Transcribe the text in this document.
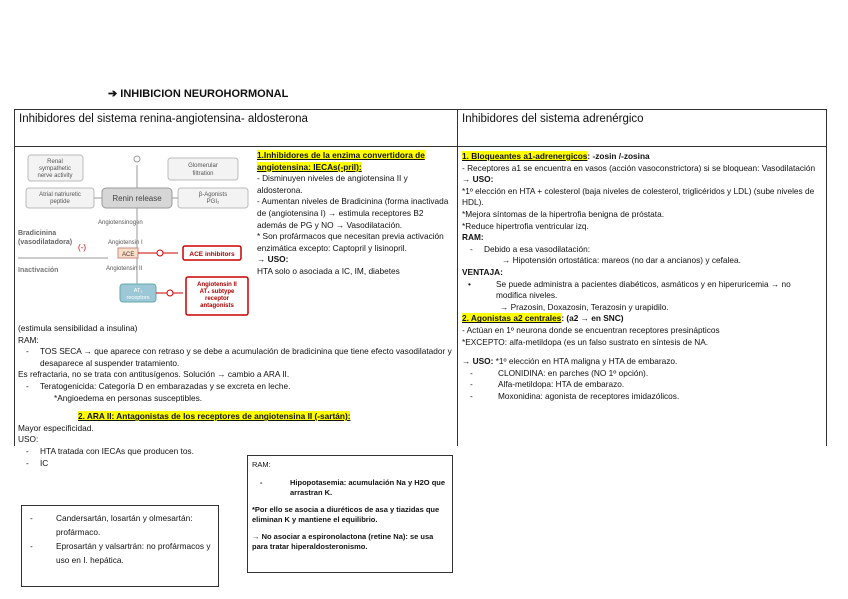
➔ INHIBICION NEUROHORMONAL
Inhibidores del sistema renina-angiotensina- aldosterona	Inhibidores del sistema adrenérgico
Renal sympathetic nerve activity
Glomerular filtration
Atrial natriuretic peptide	Renin release	β-Agonists PGI₂
Angiotensinogen
Bradicinina (vasodilatadora)	Angiotensin I
(-)
ACE	ACE inhibitors
Inactivación	Angiotensin II
AT₁ receptors
Angiotensin II AT₁ subtype receptor antagonists
1.Inhibidores de la enzima convertidora de angiotensina: IECAs(-pril):
- Disminuyen niveles de angiotensina II y aldosterona.
- Aumentan niveles de Bradicinina (forma inactivada de (angiotensina I) → estimula receptores B2 además de PG y NO → Vasodilatación.
* Son profármacos que necesitan previa activación enzimática excepto: Captopril y lisinopril.
→ USO:
HTA solo o asociada a IC, IM, diabetes
(estimula sensibilidad a insulina)
RAM:
- TOS SECA → que aparece con retraso y se debe a acumulación de bradicinina que tiene efecto vasodilatador y desaparece al suspender tratamiento.
Es refractaria, no se trata con antitusígenos. Solución → cambio a ARA II.
- Teratogenicida: Categoría D en embarazadas y se excreta en leche.
*Angioedema en personas susceptibles.
2. ARA II: Antagonistas de los receptores de angiotensina II (-sartán):
Mayor especificidad.
USO:
- HTA tratada con IECAs que producen tos.
- IC
- Candersartán, losartán y olmesartán: profármaco.
- Eprosartán y valsartrán: no profármacos y uso en I. hepática.
RAM:
- Hipopotasemia: acumulación Na y H2O que arrastran K.
*Por ello se asocia a diuréticos de asa y tiazidas que eliminan K y mantiene el equilibrio.
→ No asociar a espironolactona (retine Na): se usa para tratar hiperaldosteronismo.
1. Bloqueantes a1-adrenergicos: -zosin /-zosina
- Receptores a1 se encuentra en vasos (acción vasoconstrictora) si se bloquean: Vasodilatación
→ USO:
*1º elección en HTA + colesterol (baja niveles de colesterol, triglicéridos y LDL) (sube niveles de HDL).
*Mejora síntomas de la hipertrofia benigna de próstata.
*Reduce hipertrofia ventricular izq.
RAM:
- Debido a esa vasodilatación:
→ Hipotensión ortostática: mareos (no dar a ancianos) y cefalea.
VENTAJA:
• Se puede administra a pacientes diabéticos, asmáticos y en hiperuricemia → no modifica niveles.
→ Prazosin, Doxazosin, Terazosin y urapidilo.
2. Agonistas a2 centrales: (a2 → en SNC)
- Actúan en 1º neurona donde se encuentran receptores presinápticos
*EXCEPTO: alfa-metildopa (es un falso sustrato en síntesis de NA.
→ USO: *1º elección en HTA maligna y HTA de embarazo.
- CLONIDINA: en parches (NO 1º opción).
- Alfa-metildopa: HTA de embarazo.
- Moxonidina: agonista de receptores imidazólicos.
